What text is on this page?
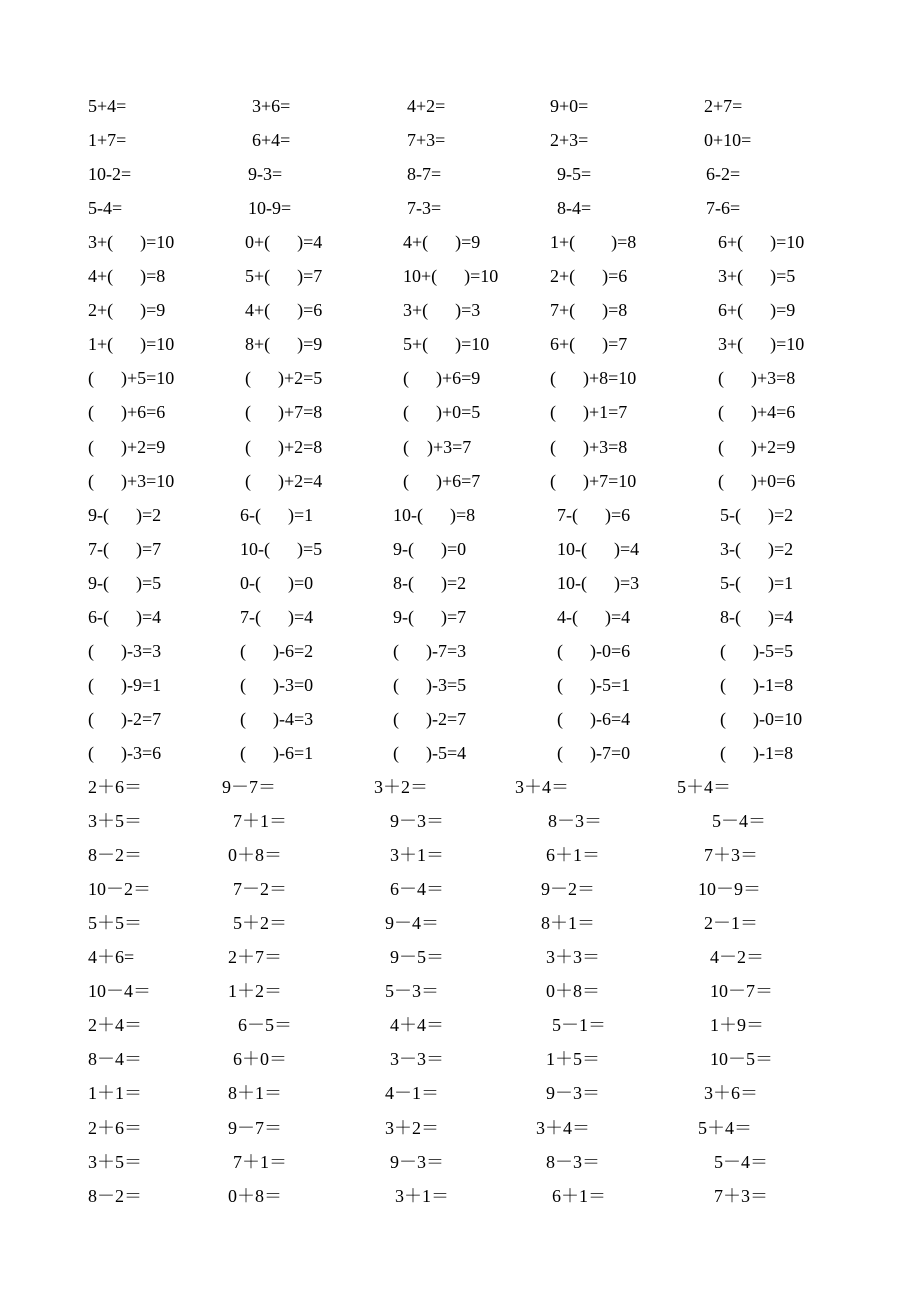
5+4=	3+6=	4+2=	9+0=	2+7=
1+7=	6+4=	7+3=	2+3=	0+10=
10-2=	9-3=	8-7=	9-5=	6-2=
5-4=	10-9=	7-3=	8-4=	7-6=
3+(      )=10	0+(      )=4	4+(      )=9	1+(        )=8	6+(      )=10
4+(      )=8	5+(      )=7	10+(      )=10	2+(      )=6	3+(      )=5
2+(      )=9	4+(      )=6	3+(      )=3	7+(      )=8	6+(      )=9
1+(      )=10	8+(      )=9	5+(      )=10	6+(      )=7	3+(      )=10
(      )+5=10	(      )+2=5	(      )+6=9	(      )+8=10	(      )+3=8
(      )+6=6	(      )+7=8	(      )+0=5	(      )+1=7	(      )+4=6
(      )+2=9	(      )+2=8	(    )+3=7	(      )+3=8	(      )+2=9
(      )+3=10	(      )+2=4	(      )+6=7	(      )+7=10	(      )+0=6
9-(      )=2	6-(      )=1	10-(      )=8	7-(      )=6	5-(      )=2
7-(      )=7	10-(      )=5	9-(      )=0	10-(      )=4	3-(      )=2
9-(      )=5	0-(      )=0	8-(      )=2	10-(      )=3	5-(      )=1
6-(      )=4	7-(      )=4	9-(      )=7	4-(      )=4	8-(      )=4
(      )-3=3	(      )-6=2	(      )-7=3	(      )-0=6	(      )-5=5
(      )-9=1	(      )-3=0	(      )-3=5	(      )-5=1	(      )-1=8
(      )-2=7	(      )-4=3	(      )-2=7	(      )-6=4	(      )-0=10
(      )-3=6	(      )-6=1	(      )-5=4	(      )-7=0	(      )-1=8
2＋6＝	9－7＝	3＋2＝	3＋4＝	5＋4＝
3＋5＝	7＋1＝	9－3＝	8－3＝	5－4＝
8－2＝	0＋8＝	3＋1＝	6＋1＝	7＋3＝
10－2＝	7－2＝	6－4＝	9－2＝	10－9＝
5＋5＝	5＋2＝	9－4＝	8＋1＝	2－1＝
4＋6=	2＋7＝	9－5＝	3＋3＝	4－2＝
10－4＝	1＋2＝	5－3＝	0＋8＝	10－7＝
2＋4＝	6－5＝	4＋4＝	5－1＝	1＋9＝
8－4＝	6＋0＝	3－3＝	1＋5＝	10－5＝
1＋1＝	8＋1＝	4－1＝	9－3＝	3＋6＝
2＋6＝	9－7＝	3＋2＝	3＋4＝	5＋4＝
3＋5＝	7＋1＝	9－3＝	8－3＝	5－4＝
8－2＝	0＋8＝	3＋1＝	6＋1＝	7＋3＝
